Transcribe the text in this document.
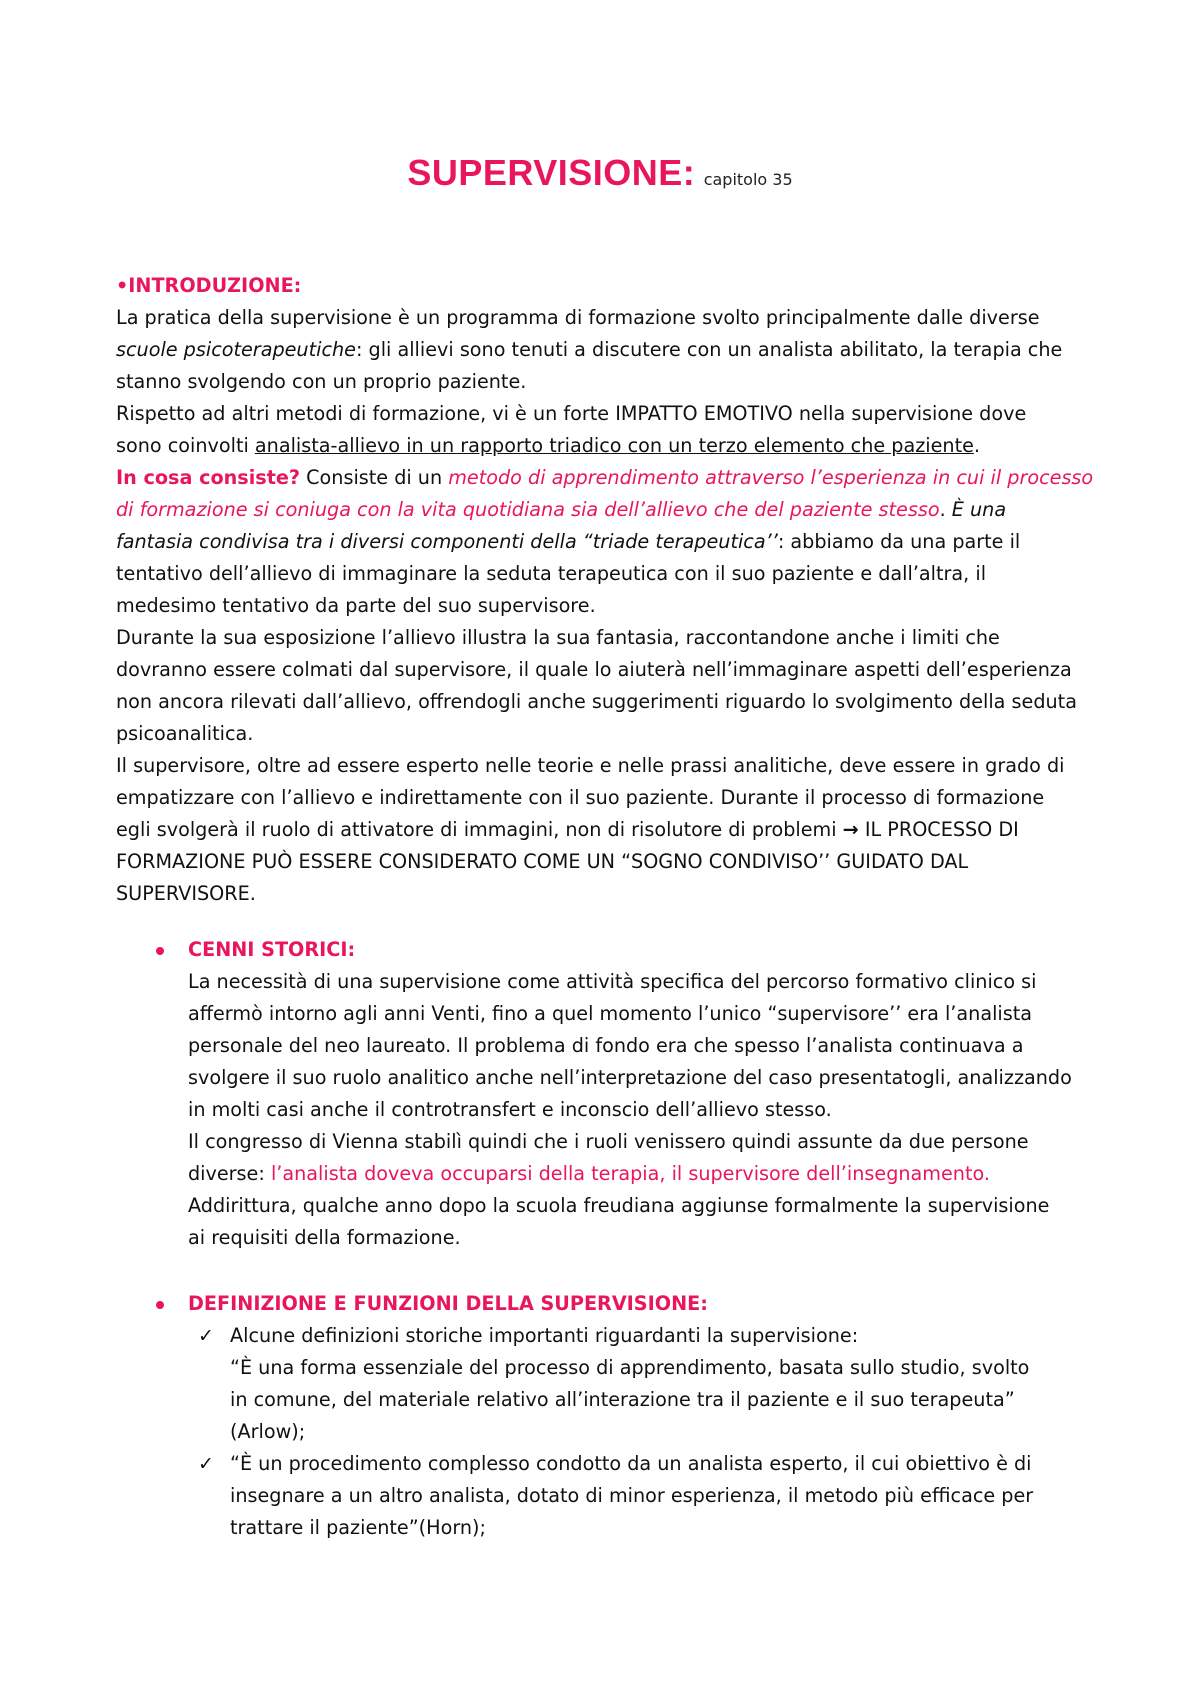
SUPERVISIONE: capitolo 35
•INTRODUZIONE:
La pratica della supervisione è un programma di formazione svolto principalmente dalle diverse
scuole psicoterapeutiche: gli allievi sono tenuti a discutere con un analista abilitato, la terapia che
stanno svolgendo con un proprio paziente.
Rispetto ad altri metodi di formazione, vi è un forte IMPATTO EMOTIVO nella supervisione dove
sono coinvolti analista-allievo in un rapporto triadico con un terzo elemento che paziente.
In cosa consiste? Consiste di un metodo di apprendimento attraverso l’esperienza in cui il processo
di formazione si coniuga con la vita quotidiana sia dell’allievo che del paziente stesso. È una
fantasia condivisa tra i diversi componenti della “triade terapeutica’’: abbiamo da una parte il
tentativo dell’allievo di immaginare la seduta terapeutica con il suo paziente e dall’altra, il
medesimo tentativo da parte del suo supervisore.
Durante la sua esposizione l’allievo illustra la sua fantasia, raccontandone anche i limiti che
dovranno essere colmati dal supervisore, il quale lo aiuterà nell’immaginare aspetti dell’esperienza
non ancora rilevati dall’allievo, offrendogli anche suggerimenti riguardo lo svolgimento della seduta
psicoanalitica.
Il supervisore, oltre ad essere esperto nelle teorie e nelle prassi analitiche, deve essere in grado di
empatizzare con l’allievo e indirettamente con il suo paziente. Durante il processo di formazione
egli svolgerà il ruolo di attivatore di immagini, non di risolutore di problemi → IL PROCESSO DI
FORMAZIONE PUÒ ESSERE CONSIDERATO COME UN “SOGNO CONDIVISO’’ GUIDATO DAL
SUPERVISORE.
CENNI STORICI:
La necessità di una supervisione come attività specifica del percorso formativo clinico si
affermò intorno agli anni Venti, fino a quel momento l’unico “supervisore’’ era l’analista
personale del neo laureato. Il problema di fondo era che spesso l’analista continuava a
svolgere il suo ruolo analitico anche nell’interpretazione del caso presentatogli, analizzando
in molti casi anche il controtransfert e inconscio dell’allievo stesso.
Il congresso di Vienna stabilì quindi che i ruoli venissero quindi assunte da due persone
diverse: l’analista doveva occuparsi della terapia, il supervisore dell’insegnamento.
Addirittura, qualche anno dopo la scuola freudiana aggiunse formalmente la supervisione
ai requisiti della formazione.
DEFINIZIONE E FUNZIONI DELLA SUPERVISIONE:
✓ Alcune definizioni storiche importanti riguardanti la supervisione:
“È una forma essenziale del processo di apprendimento, basata sullo studio, svolto
in comune, del materiale relativo all’interazione tra il paziente e il suo terapeuta”
(Arlow);
✓ “È un procedimento complesso condotto da un analista esperto, il cui obiettivo è di
insegnare a un altro analista, dotato di minor esperienza, il metodo più efficace per
trattare il paziente”(Horn);
